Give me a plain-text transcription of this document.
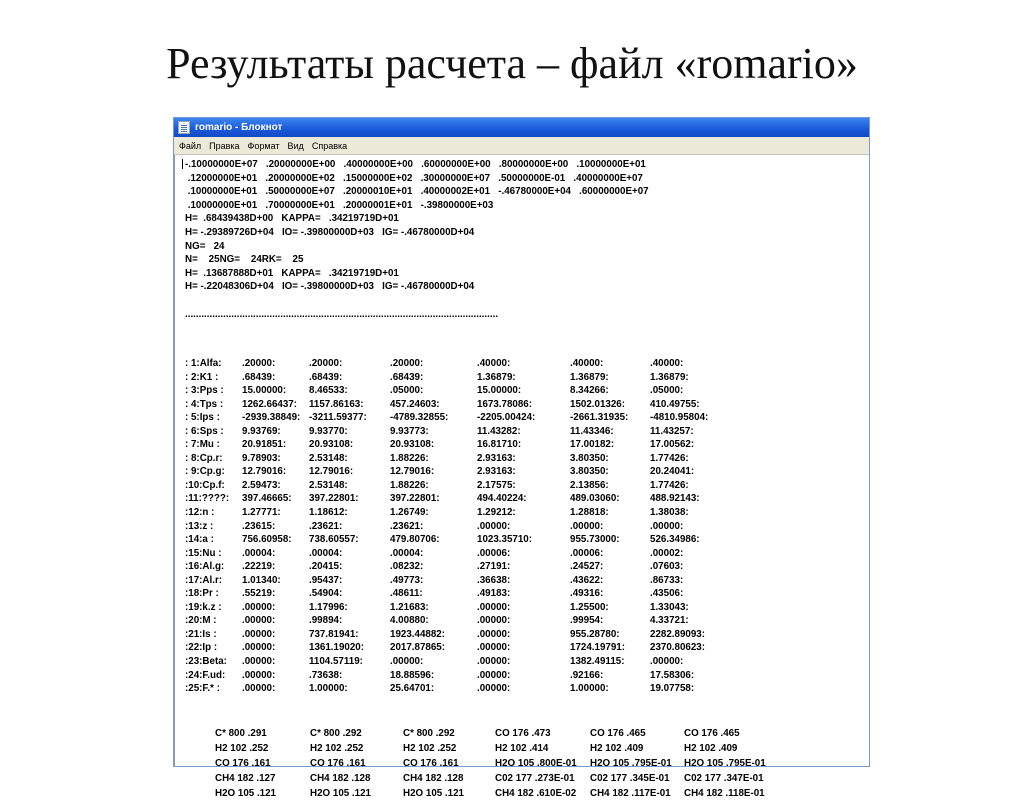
Результаты расчета – файл «romario»
romario - Блокнот
Файл Правка Формат Вид Справка
-.10000000E+07   .20000000E+00   .40000000E+00   .60000000E+00   .80000000E+00   .10000000E+01
.12000000E+01   .20000000E+02   .15000000E+02   .30000000E+07   .50000000E-01   .40000000E+07
.10000000E+01   .50000000E+07   .20000010E+01   .40000002E+01   -.46780000E+04   .60000000E+07
.10000000E+01   .70000000E+01   .20000001E+01   -.39800000E+03
H=  .68439438D+00   KAPPA=   .34219719D+01
H= -.29389726D+04   IO= -.39800000D+03   IG= -.46780000D+04
NG=   24
N=    25NG=    24RK=    25
H=  .13687888D+01   KAPPA=   .34219719D+01
H= -.22048306D+04   IO= -.39800000D+03   IG= -.46780000D+04
...................................................................................................................
: 1:Alfa: .20000:	.20000:	.20000:	.40000:	.40000:	.40000:
: 2:K1 : .68439:	.68439:	.68439:	1.36879:	1.36879:	1.36879:
: 3:Pps : 15.00000: 8.46533:	.05000:	15.00000:	8.34266:	.05000:
: 4:Tps : 1262.66437: 1157.86163:	457.24603:	1673.78086:	1502.01326:	410.49755:
: 5:Ips : -2939.38849: -3211.59377: -4789.32855:	-2205.00424:	-2661.31935: -4810.95804:
: 6:Sps : 9.93769:	9.93770:	9.93773:	11.43282:	11.43346:	11.43257:
: 7:Mu : 20.91851: 20.93108:	20.93108:	16.81710:	17.00182:	17.00562:
: 8:Cp.r: 9.78903:	2.53148:	1.88226:	2.93163:	3.80350:	1.77426:
: 9:Cp.g: 12.79016: 12.79016:	12.79016:	2.93163:	3.80350:	20.24041:
:10:Cp.f: 2.59473:	2.53148:	1.88226:	2.17575:	2.13856:	1.77426:
:11:????: 397.46665: 397.22801:	397.22801:	494.40224:	489.03060:	488.92143:
:12:n :	1.27771:	1.18612:	1.26749:	1.29212:	1.28818:	1.38038:
:13:z :	.23615:	.23621:	.23621:	.00000:	.00000:	.00000:
:14:a :	756.60958: 738.60557:	479.80706:	1023.35710:	955.73000:	526.34986:
:15:Nu : .00004:	.00004:	.00004:	.00006:	.00006:	.00002:
:16:Al.g: .22219:	.20415:	.08232:	.27191:	.24527:	.07603:
:17:Al.r: 1.01340:	.95437:	.49773:	.36638:	.43622:	.86733:
:18:Pr : .55219:	.54904:	.48611:	.49183:	.49316:	.43506:
:19:k.z : .00000:	1.17996:	1.21683:	.00000:	1.25500:	1.33043:
:20:M :	.00000:	.99894:	4.00880:	.00000:	.99954:	4.33721:
:21:Is :	.00000:	737.81941:	1923.44882:	.00000:	955.28780:	2282.89093:
:22:Ip :	.00000:	1361.19020:	2017.87865:	.00000:	1724.19791:	2370.80623:
:23:Beta: .00000:	1104.57119:	.00000:	.00000:	1382.49115:	.00000:
:24:F.ud: .00000:	.73638:	18.88596:	.00000:	.92166:	17.58306:
:25:F.* : .00000:	1.00000:	25.64701:	.00000:	1.00000:	19.07758:
C* 800 .291	C* 800 .292	C* 800 .292	CO 176 .473	CO 176 .465	CO 176 .465
H2 102 .252	H2 102 .252	H2 102 .252	H2 102 .414	H2 102 .409	H2 102 .409
CO 176 .161	CO 176 .161	CO 176 .161	H2O 105 .800E-01 H2O 105 .795E-01 H2O 105 .795E-01
CH4 182 .127	CH4 182 .128	CH4 182 .128	C02 177 .273E-01 C02 177 .345E-01 C02 177 .347E-01
H2O 105 .121	H2O 105 .121	H2O 105 .121	CH4 182 .610E-02 CH4 182 .117E-01 CH4 182 .118E-01
